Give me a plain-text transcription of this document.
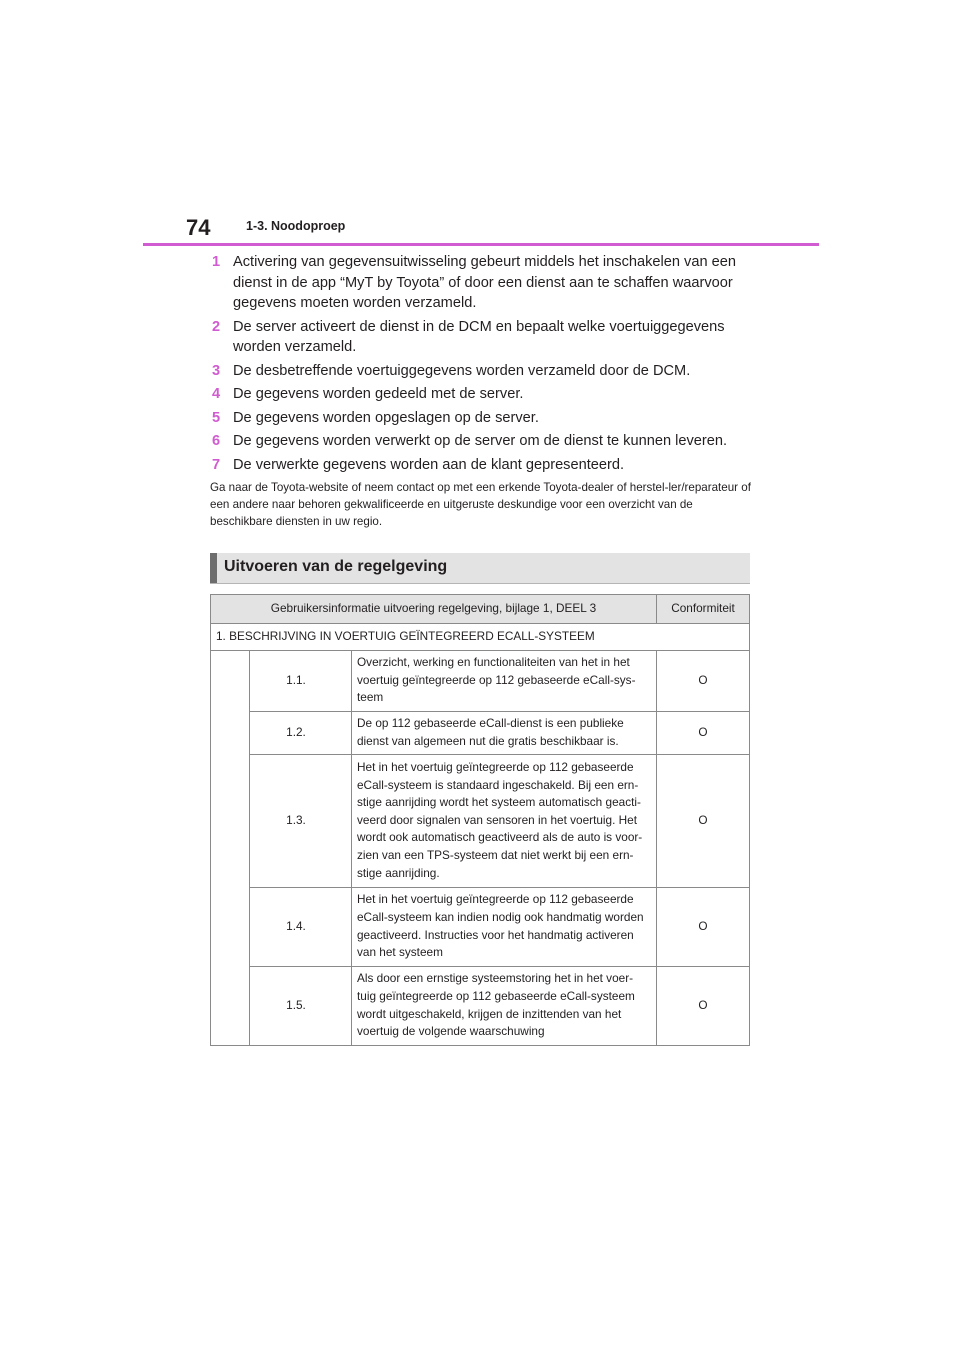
74	1-3. Noodoproep
1 Activering van gegevensuitwisseling gebeurt middels het inschakelen van een dienst in de app “MyT by Toyota” of door een dienst aan te schaffen waarvoor gegevens moeten worden verzameld.
2 De server activeert de dienst in de DCM en bepaalt welke voertuiggegevens worden verzameld.
3 De desbetreffende voertuiggegevens worden verzameld door de DCM.
4 De gegevens worden gedeeld met de server.
5 De gegevens worden opgeslagen op de server.
6 De gegevens worden verwerkt op de server om de dienst te kunnen leveren.
7 De verwerkte gegevens worden aan de klant gepresenteerd.
Ga naar de Toyota-website of neem contact op met een erkende Toyota-dealer of herstel-ler/reparateur of een andere naar behoren gekwalificeerde en uitgeruste deskundige voor een overzicht van de beschikbare diensten in uw regio.
Uitvoeren van de regelgeving
Gebruikersinformatie uitvoering regelgeving, bijlage 1, DEEL 3			Conformiteit
1. BESCHRIJVING IN VOERTUIG GEÏNTEGREERD ECALL-SYSTEEM			
	1.1.	Overzicht, werking en functionaliteiten van het in het voertuig geïntegreerde op 112 gebaseerde eCall-sys-teem	O
	1.2.	De op 112 gebaseerde eCall-dienst is een publieke dienst van algemeen nut die gratis beschikbaar is.	O
	1.3.	Het in het voertuig geïntegreerde op 112 gebaseerde eCall-systeem is standaard ingeschakeld. Bij een ern-stige aanrijding wordt het systeem automatisch geacti-veerd door signalen van sensoren in het voertuig. Het wordt ook automatisch geactiveerd als de auto is voor-zien van een TPS-systeem dat niet werkt bij een ern-stige aanrijding.	O
	1.4.	Het in het voertuig geïntegreerde op 112 gebaseerde eCall-systeem kan indien nodig ook handmatig worden geactiveerd. Instructies voor het handmatig activeren van het systeem	O
	1.5.	Als door een ernstige systeemstoring het in het voer-tuig geïntegreerde op 112 gebaseerde eCall-systeem wordt uitgeschakeld, krijgen de inzittenden van het voertuig de volgende waarschuwing	O
